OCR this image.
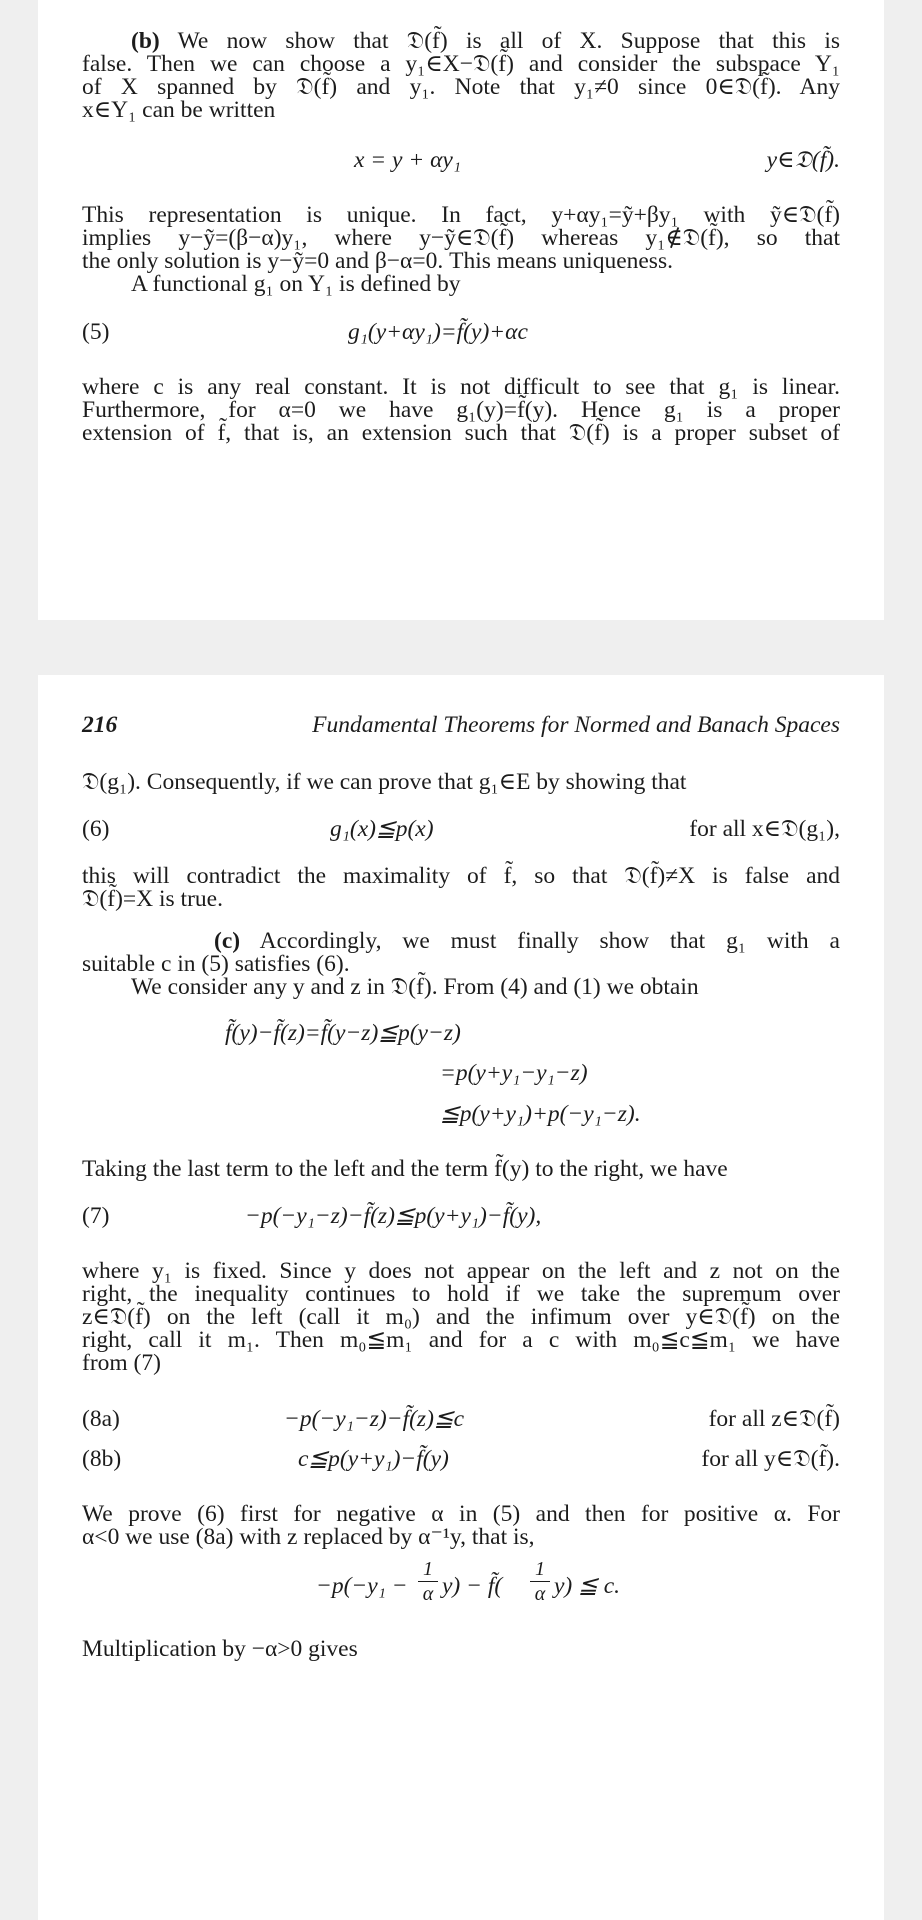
(b) We now show that 𝔇(f̃) is all of X. Suppose that this is
false. Then we can choose a y₁∈X−𝔇(f̃) and consider the subspace Y₁
of X spanned by 𝔇(f̃) and y₁. Note that y₁≠0 since 0∈𝔇(f̃). Any
x∈Y₁ can be written
x = y + αy₁	y∈𝔇(f̃).
This representation is unique. In fact, y+αy₁=ỹ+βy₁ with ỹ∈𝔇(f̃)
implies y−ỹ=(β−α)y₁, where y−ỹ∈𝔇(f̃) whereas y₁∉𝔇(f̃), so that
the only solution is y−ỹ=0 and β−α=0. This means uniqueness.
A functional g₁ on Y₁ is defined by
(5)	g₁(y+αy₁)=f̃(y)+αc
where c is any real constant. It is not difficult to see that g₁ is linear.
Furthermore, for α=0 we have g₁(y)=f̃(y). Hence g₁ is a proper
extension of f̃, that is, an extension such that 𝔇(f̃) is a proper subset of
216	Fundamental Theorems for Normed and Banach Spaces
𝔇(g₁). Consequently, if we can prove that g₁∈E by showing that
(6)	g₁(x)≦p(x)	for all x∈𝔇(g₁),
this will contradict the maximality of f̃, so that 𝔇(f̃)≠X is false and
𝔇(f̃)=X is true.
(c) Accordingly, we must finally show that g₁ with a
suitable c in (5) satisfies (6).
We consider any y and z in 𝔇(f̃). From (4) and (1) we obtain
f̃(y)−f̃(z)=f̃(y−z)≦p(y−z)
=p(y+y₁−y₁−z)
≦p(y+y₁)+p(−y₁−z).
Taking the last term to the left and the term f̃(y) to the right, we have
(7)	−p(−y₁−z)−f̃(z)≦p(y+y₁)−f̃(y),
where y₁ is fixed. Since y does not appear on the left and z not on the
right, the inequality continues to hold if we take the supremum over
z∈𝔇(f̃) on the left (call it m₀) and the infimum over y∈𝔇(f̃) on the
right, call it m₁. Then m₀≦m₁ and for a c with m₀≦c≦m₁ we have
from (7)
(8a)	−p(−y₁−z)−f̃(z)≦c	for all z∈𝔇(f̃)
(8b)	c≦p(y+y₁)−f̃(y)	for all y∈𝔇(f̃).
We prove (6) first for negative α in (5) and then for positive α. For
α<0 we use (8a) with z replaced by α⁻¹y, that is,
−p(−y₁ −
1
α y) − f̃(
1
α y) ≦ c.
Multiplication by −α>0 gives
